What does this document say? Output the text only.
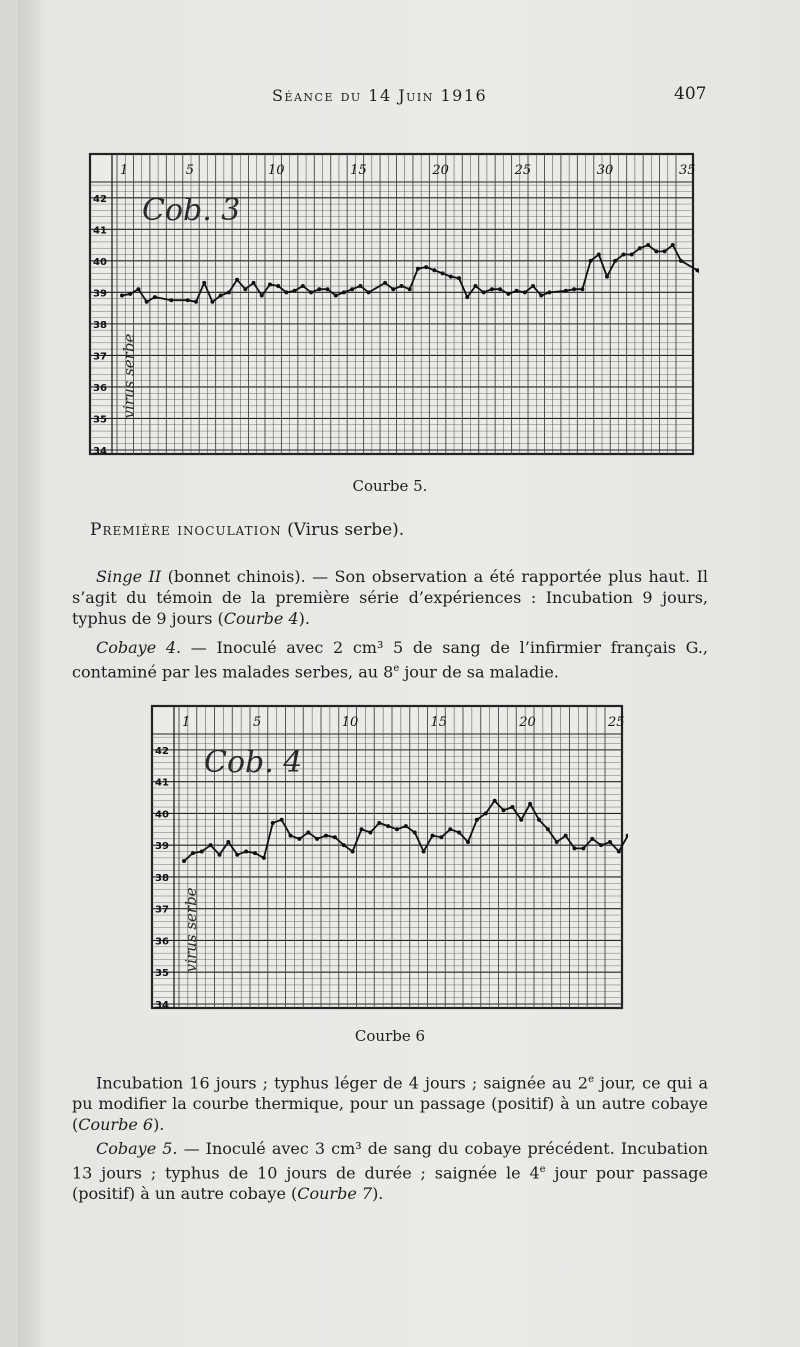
Séance du 14 Juin 1916	407
42
41
40
39
38
37
36
35
34
1	5	10	15	20	25	30	35
Cob. 3
virus serbe
Courbe 5.
Première inoculation (Virus serbe).
Singe II (bonnet chinois). — Son observation a été rapportée plus haut. Il s’agit du témoin de la première série d’expériences : Incubation 9 jours, typhus de 9 jours (Courbe 4).
Cobaye 4. — Inoculé avec 2 cm³ 5 de sang de l’infirmier français G., contaminé par les malades serbes, au 8e jour de sa maladie.
42
41
40
39
38
37
36
35
34
1	5	10	15	20	25
Cob. 4
virus serbe
Courbe 6
Incubation 16 jours ; typhus léger de 4 jours ; saignée au 2e jour, ce qui a pu modifier la courbe thermique, pour un passage (positif) à un autre cobaye (Courbe 6).
Cobaye 5. — Inoculé avec 3 cm³ de sang du cobaye précédent. Incubation 13 jours ; typhus de 10 jours de durée ; saignée le 4e jour pour passage (positif) à un autre cobaye (Courbe 7).
